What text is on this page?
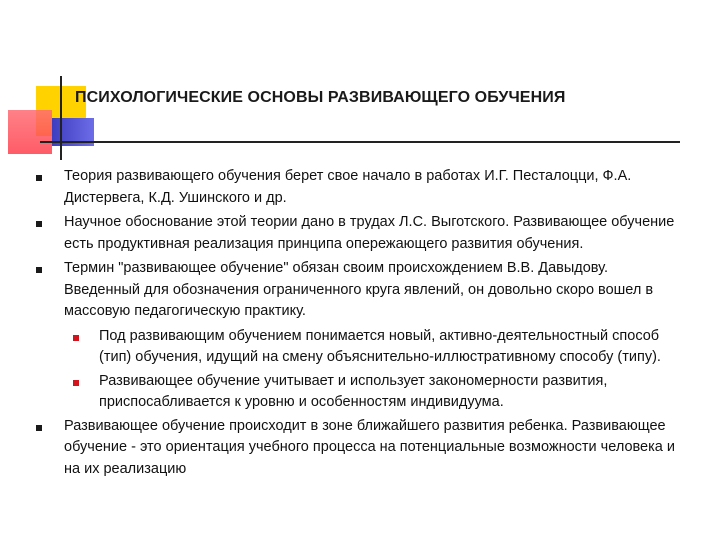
ПСИХОЛОГИЧЕСКИЕ ОСНОВЫ РАЗВИВАЮЩЕГО ОБУЧЕНИЯ
Теория развивающего обучения берет свое начало в работах И.Г. Песталоцци, Ф.А. Дистервега, К.Д. Ушинского и др.
Научное обоснование этой теории дано в трудах Л.С. Выготского. Развивающее обучение есть продуктивная реализация принципа опережающего развития обучения.
Термин "развивающее обучение" обязан своим происхождением В.В. Давыдову. Введенный для обозначения ограниченного круга явлений, он довольно скоро вошел в массовую педагогическую практику.
Под развивающим обучением понимается новый, активно-деятельностный способ (тип) обучения, идущий на смену объяснительно-иллюстративному способу (типу).
Развивающее обучение учитывает и использует закономерности развития, приспосабливается к уровню и особенностям индивидуума.
Развивающее обучение происходит в зоне ближайшего развития ребенка. Развивающее обучение - это ориентация учебного процесса на потенциальные возможности человека и на их реализацию
